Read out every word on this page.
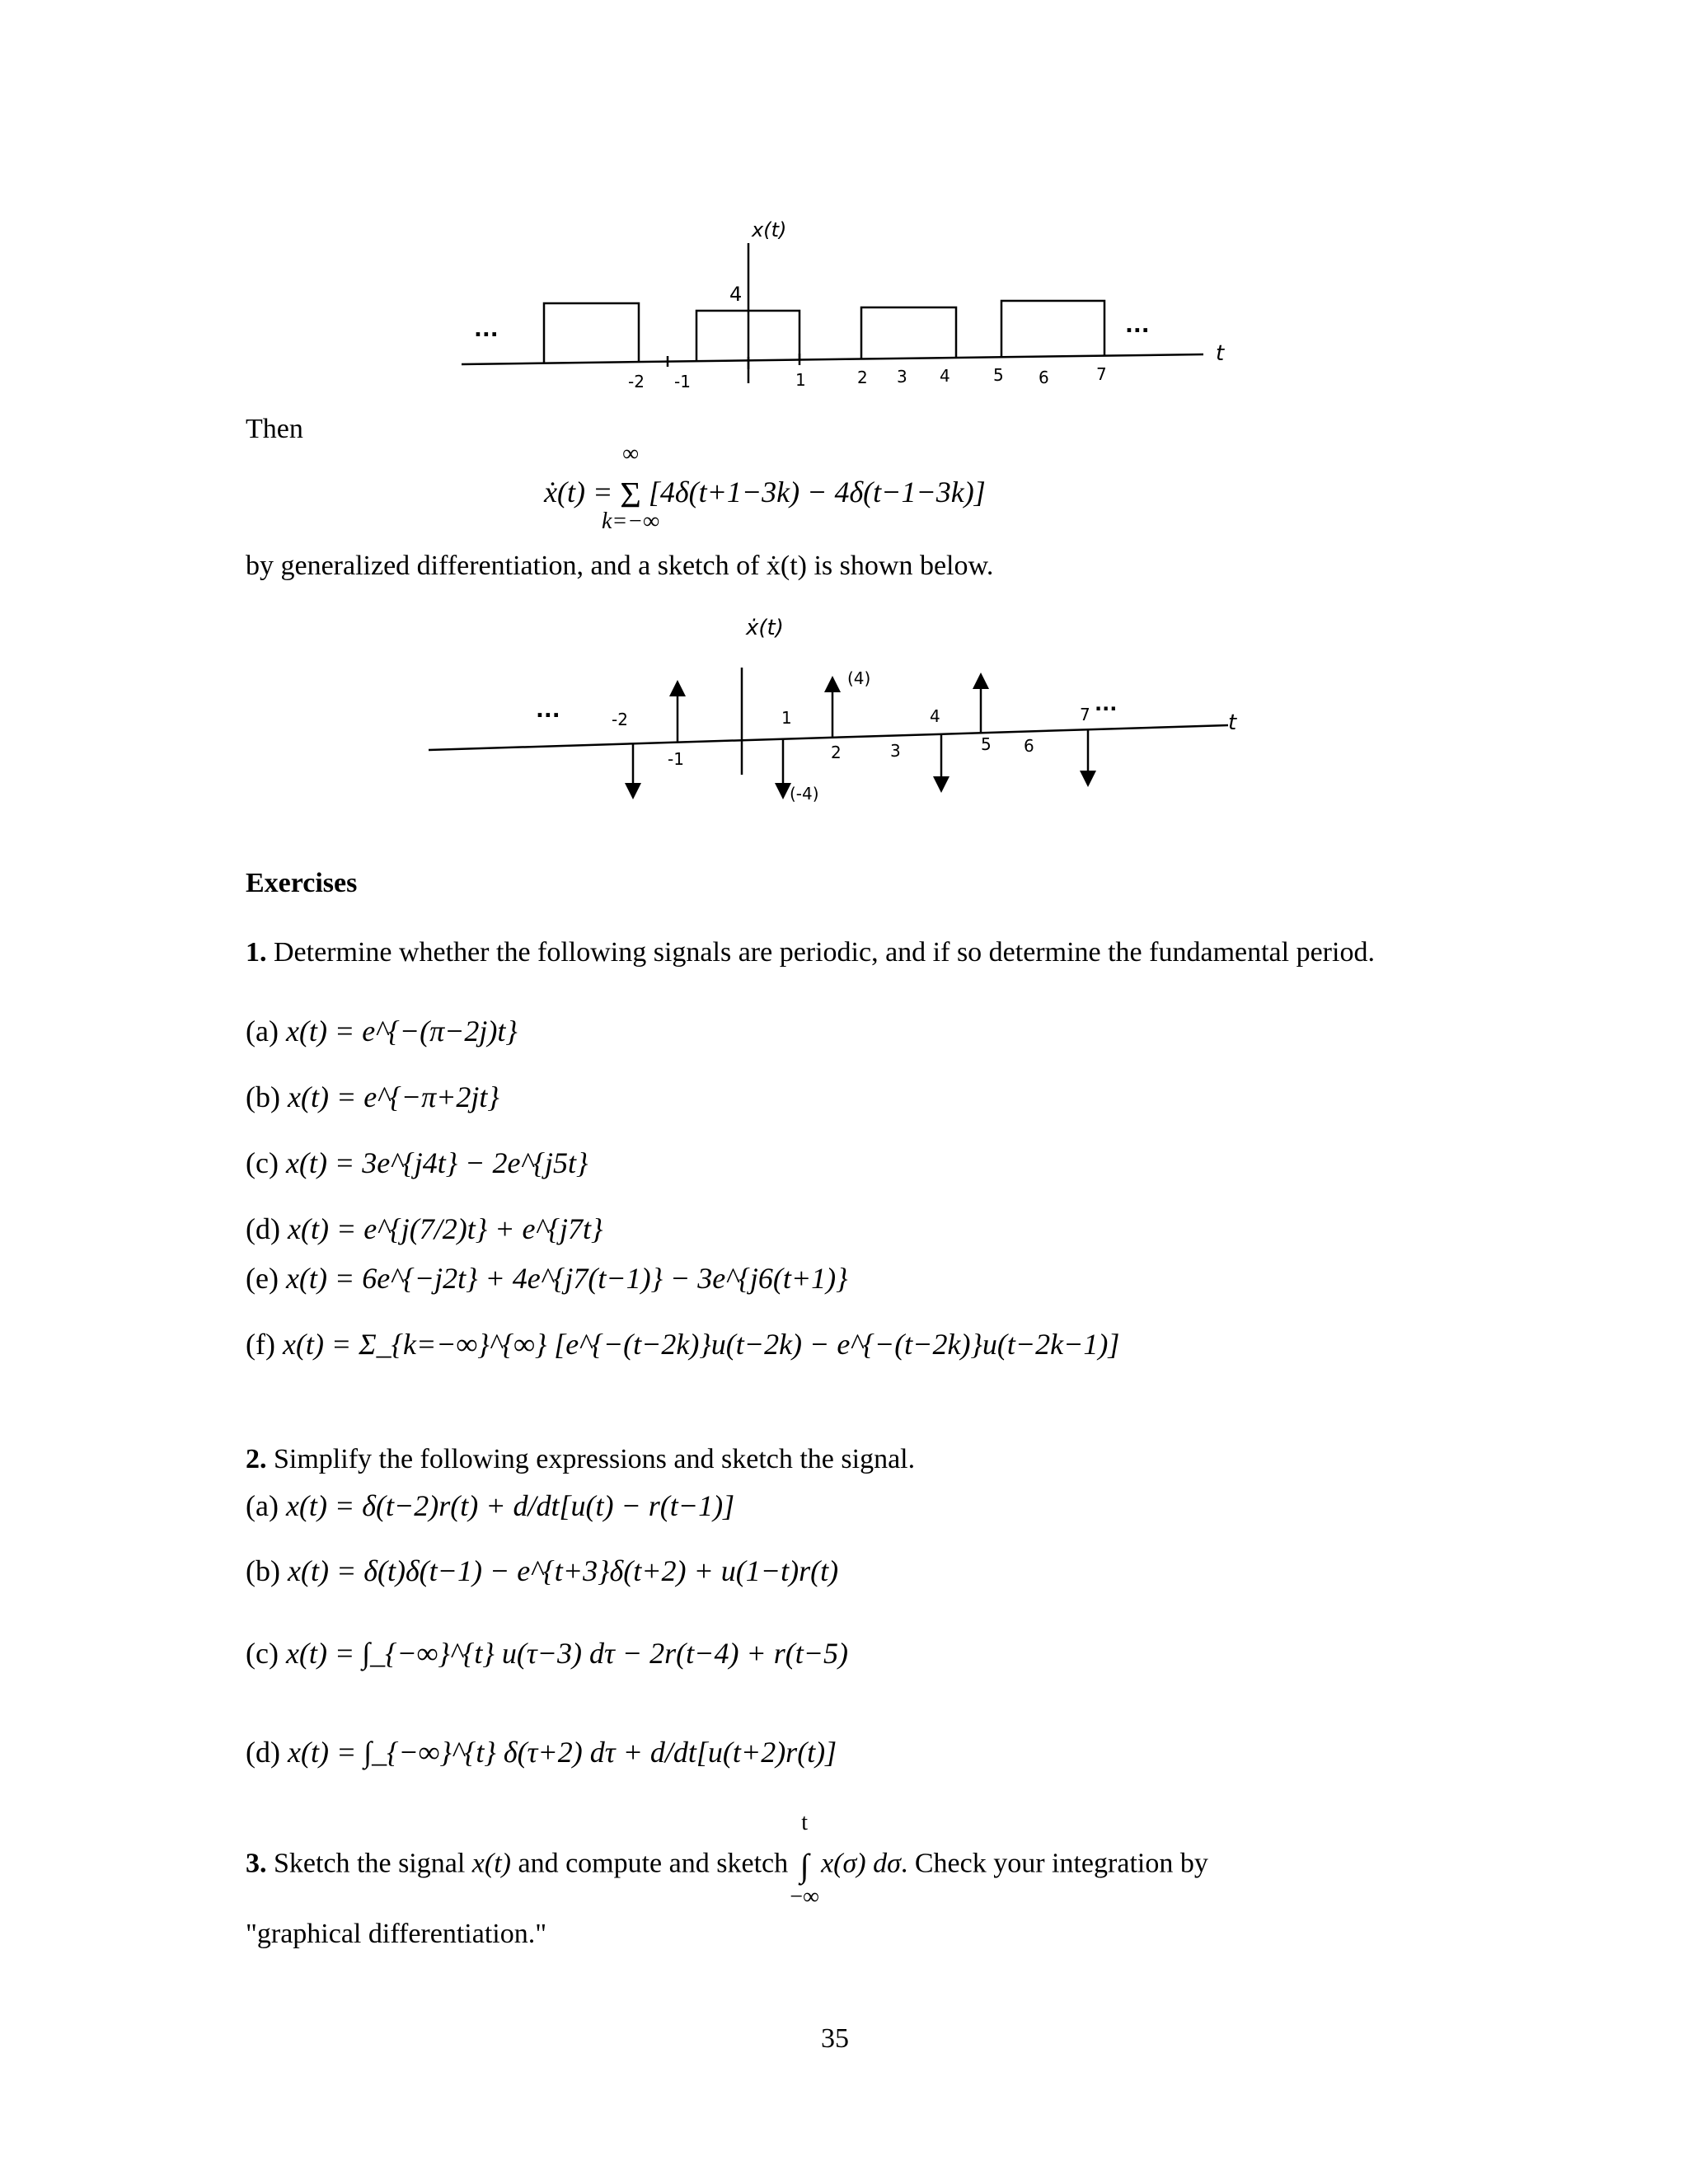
...	...
x(t)
4
t
-2 -1	1	2 3 4	5 6	7
Then
ẋ(t) =
∞
Σ
k=−∞
[4δ(t+1−3k) − 4δ(t−1−3k)]
by generalized differentiation, and a sketch of ẋ(t) is shown below.
...	...
ẋ(t)
(4)
(-4)
t
-2
-1
1
2	3
4
5 6
7
Exercises
1. Determine whether the following signals are periodic, and if so determine the fundamental period.
(a) x(t) = e^{−(π−2j)t}
(b) x(t) = e^{−π+2jt}
(c) x(t) = 3e^{j4t} − 2e^{j5t}
(d) x(t) = e^{j(7/2)t} + e^{j7t}
(e) x(t) = 6e^{−j2t} + 4e^{j7(t−1)} − 3e^{j6(t+1)}
(f) x(t) = Σ_{k=−∞}^{∞} [e^{−(t−2k)}u(t−2k) − e^{−(t−2k)}u(t−2k−1)]
2. Simplify the following expressions and sketch the signal.
(a) x(t) = δ(t−2)r(t) + d/dt[u(t) − r(t−1)]
(b) x(t) = δ(t)δ(t−1) − e^{t+3}δ(t+2) + u(1−t)r(t)
(c) x(t) = ∫_{−∞}^{t} u(τ−3) dτ − 2r(t−4) + r(t−5)
(d) x(t) = ∫_{−∞}^{t} δ(τ+2) dτ + d/dt[u(t+2)r(t)]
3. Sketch the signal x(t) and compute and sketch
t
∫
−∞
x(σ) dσ. Check your integration by
"graphical differentiation."
35
